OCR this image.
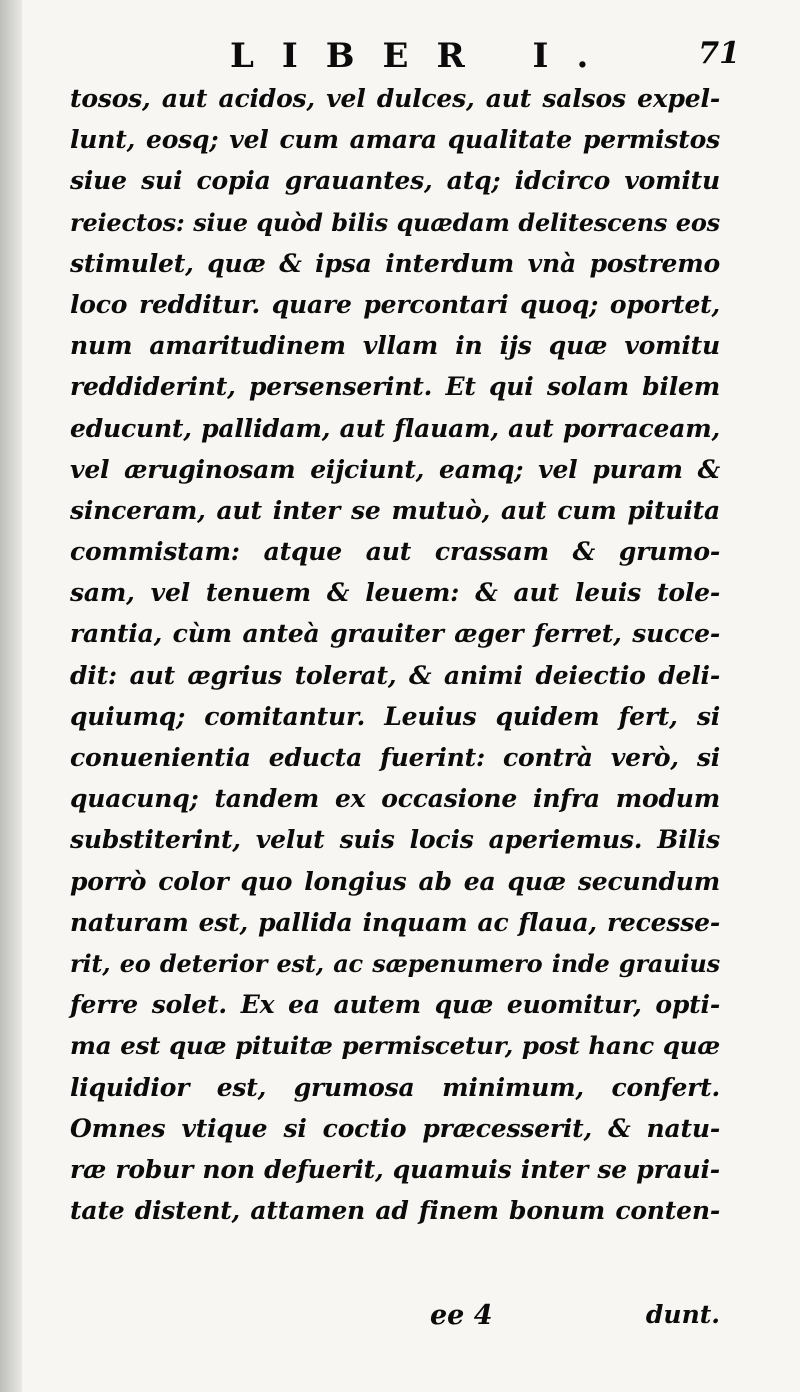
LIBER I.	71
tosos, aut acidos, vel dulces, aut salsos expel-
lunt, eosq; vel cum amara qualitate permistos
siue sui copia grauantes, atq; idcirco vomitu
reiectos: siue quòd bilis quædam delitescens eos
stimulet, quæ & ipsa interdum vnà postremo
loco redditur. quare percontari quoq; oportet,
num amaritudinem vllam in ijs quæ vomitu
reddiderint, persenserint. Et qui solam bilem
educunt, pallidam, aut flauam, aut porraceam,
vel æruginosam eijciunt, eamq; vel puram &
sinceram, aut inter se mutuò, aut cum pituita
commistam: atque aut crassam & grumo-
sam, vel tenuem & leuem: & aut leuis tole-
rantia, cùm anteà grauiter æger ferret, succe-
dit: aut ægrius tolerat, & animi deiectio deli-
quiumq; comitantur. Leuius quidem fert, si
conuenientia educta fuerint: contrà verò, si
quacunq; tandem ex occasione infra modum
substiterint, velut suis locis aperiemus. Bilis
porrò color quo longius ab ea quæ secundum
naturam est, pallida inquam ac flaua, recesse-
rit, eo deterior est, ac sæpenumero inde grauius
ferre solet. Ex ea autem quæ euomitur, opti-
ma est quæ pituitæ permiscetur, post hanc quæ
liquidior est, grumosa minimum, confert.
Omnes vtique si coctio præcesserit, & natu-
ræ robur non defuerit, quamuis inter se praui-
tate distent, attamen ad finem bonum conten-
ee 4	dunt.
